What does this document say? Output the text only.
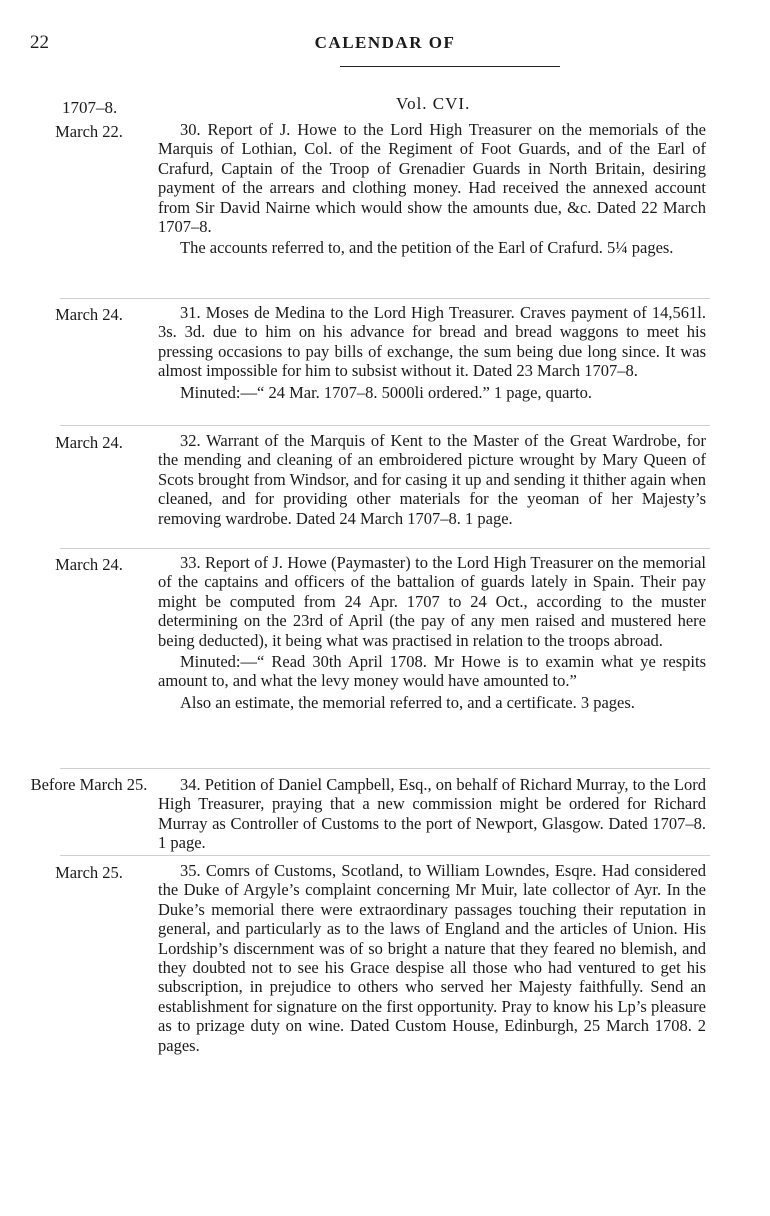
22	CALENDAR OF
1707–8.	Vol. CVI.
March 22.	30. Report of J. Howe to the Lord High Treasurer on the memorials of the Marquis of Lothian, Col. of the Regiment of Foot Guards, and of the Earl of Crafurd, Captain of the Troop of Grenadier Guards in North Britain, desiring payment of the arrears and clothing money. Had received the annexed account from Sir David Nairne which would show the amounts due, &c. Dated 22 March 1707–8.

The accounts referred to, and the petition of the Earl of Crafurd. 5¼ pages.

March 24.	31. Moses de Medina to the Lord High Treasurer. Craves payment of 14,561l. 3s. 3d. due to him on his advance for bread and bread waggons to meet his pressing occasions to pay bills of exchange, the sum being due long since. It was almost impossible for him to subsist without it. Dated 23 March 1707–8.

Minuted:—“ 24 Mar. 1707–8. 5000li ordered.” 1 page, quarto.

March 24.	32. Warrant of the Marquis of Kent to the Master of the Great Wardrobe, for the mending and cleaning of an embroidered picture wrought by Mary Queen of Scots brought from Windsor, and for casing it up and sending it thither again when cleaned, and for providing other materials for the yeoman of her Majesty’s removing wardrobe. Dated 24 March 1707–8. 1 page.

March 24.	33. Report of J. Howe (Paymaster) to the Lord High Treasurer on the memorial of the captains and officers of the battalion of guards lately in Spain. Their pay might be computed from 24 Apr. 1707 to 24 Oct., according to the muster determining on the 23rd of April (the pay of any men raised and mustered here being deducted), it being what was practised in relation to the troops abroad.

Minuted:—“ Read 30th April 1708. Mr Howe is to examin what ye respits amount to, and what the levy money would have amounted to.”

Also an estimate, the memorial referred to, and a certificate. 3 pages.

Before March 25.	34. Petition of Daniel Campbell, Esq., on behalf of Richard Murray, to the Lord High Treasurer, praying that a new commission might be ordered for Richard Murray as Controller of Customs to the port of Newport, Glasgow. Dated 1707–8. 1 page.

March 25.	35. Comrs of Customs, Scotland, to William Lowndes, Esqre. Had considered the Duke of Argyle’s complaint concerning Mr Muir, late collector of Ayr. In the Duke’s memorial there were extraordinary passages touching their reputation in general, and particularly as to the laws of England and the articles of Union. His Lordship’s discernment was of so bright a nature that they feared no blemish, and they doubted not to see his Grace despise all those who had ventured to get his subscription, in prejudice to others who served her Majesty faithfully. Send an establishment for signature on the first opportunity. Pray to know his Lp’s pleasure as to prizage duty on wine. Dated Custom House, Edinburgh, 25 March 1708. 2 pages.
